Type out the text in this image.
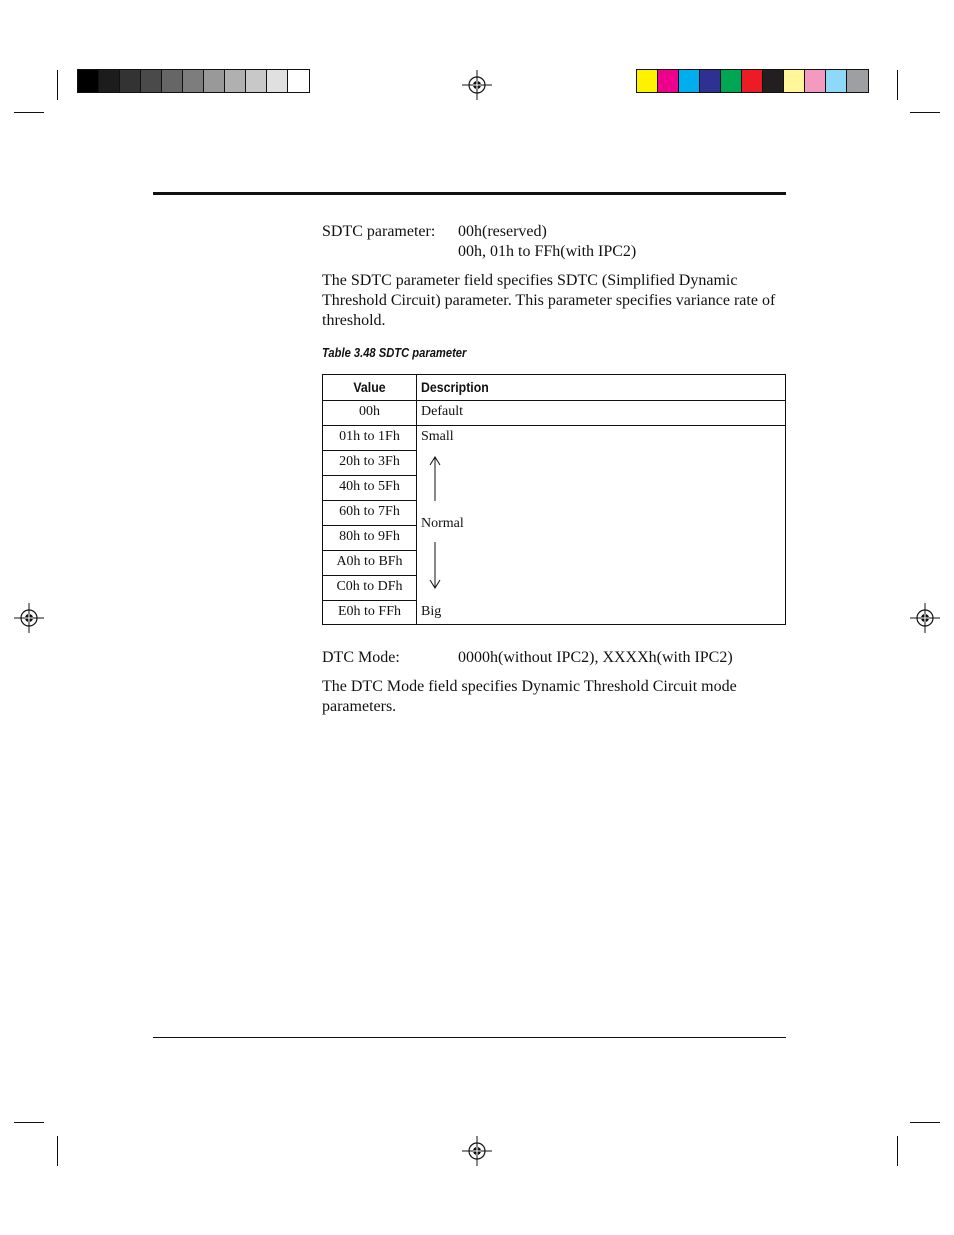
SDTC parameter: 00h(reserved)
00h, 01h to FFh(with IPC2)
The SDTC parameter field specifies SDTC (Simplified Dynamic Threshold Circuit) parameter. This parameter specifies variance rate of threshold.
Table 3.48 SDTC parameter
Value	Description
00h
01h to 1Fh
20h to 3Fh
40h to 5Fh
60h to 7Fh
80h to 9Fh
A0h to BFh
C0h to DFh
E0h to FFh
Default
Small
Normal
Big
DTC Mode:	0000h(without IPC2), XXXXh(with IPC2)
The DTC Mode field specifies Dynamic Threshold Circuit mode parameters.
